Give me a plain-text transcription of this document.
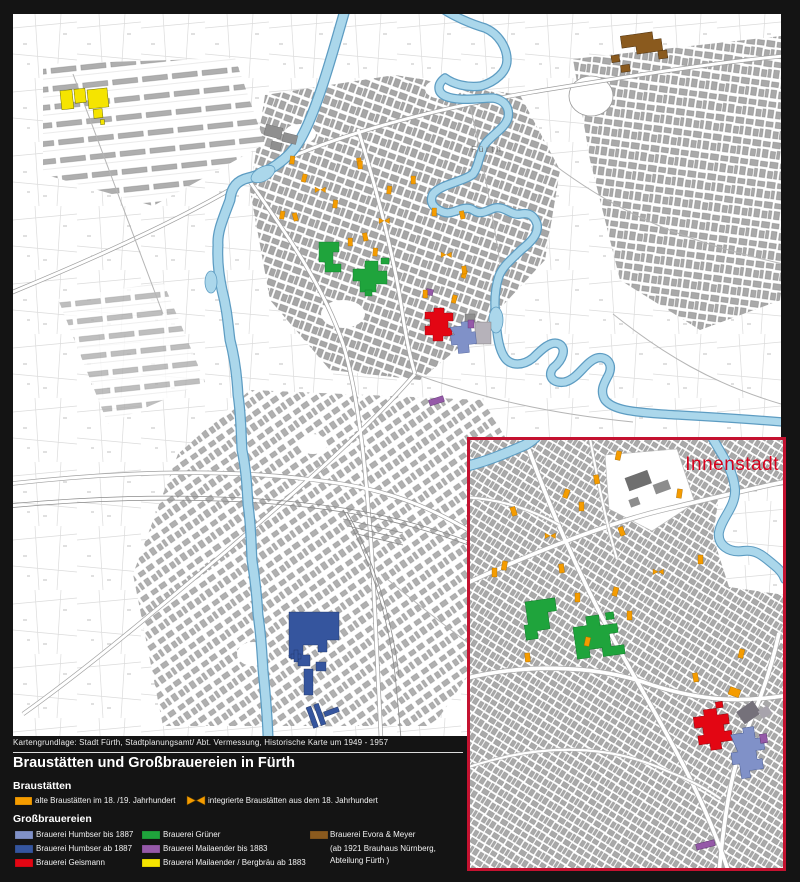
Fürth
Innenstadt
Kartengrundlage: Stadt Fürth, Stadtplanungsamt/ Abt. Vermessung, Historische Karte um 1949 - 1957
Braustätten und Großbrauereien in Fürth
Braustätten
alte Braustätten im 18. /19. Jahrhundert	integrierte Braustätten aus dem 18. Jahrhundert
Großbrauereien
Brauerei Humbser bis 1887
Brauerei Humbser ab 1887
Brauerei Geismann
Brauerei Grüner
Brauerei Mailaender bis 1883
Brauerei Mailaender / Bergbräu ab 1883
Brauerei Evora & Meyer
(ab 1921 Brauhaus Nürnberg,
Abteilung Fürth )
